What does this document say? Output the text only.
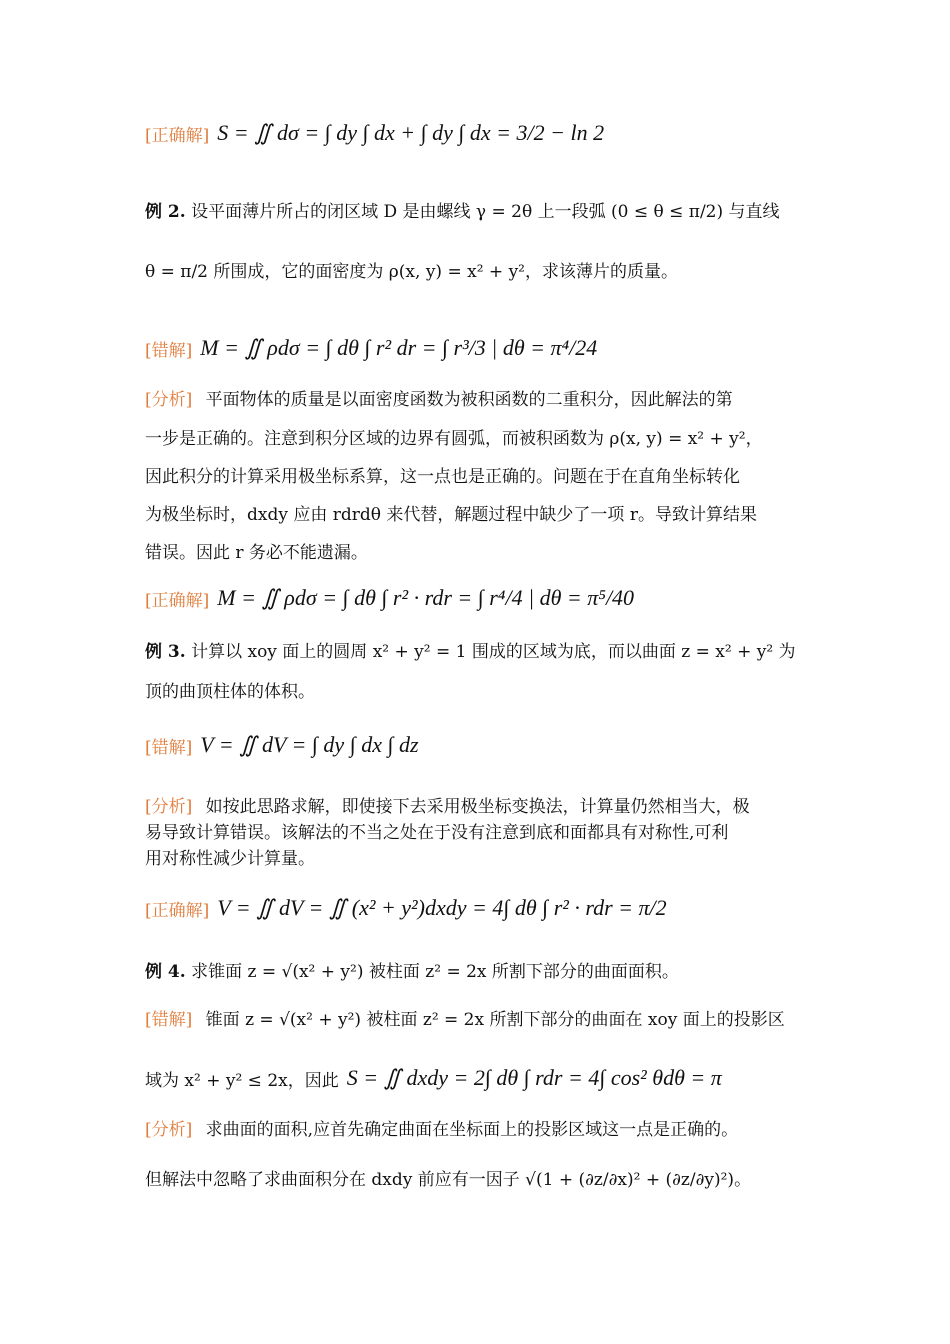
[正确解] S = ∬ dσ = ∫ dy ∫ dx + ∫ dy ∫ dx = 3/2 − ln 2
例 2. 设平面薄片所占的闭区域 D 是由螺线 γ = 2θ 上一段弧 (0 ≤ θ ≤ π/2) 与直线
θ = π/2 所围成，它的面密度为 ρ(x, y) = x² + y²，求该薄片的质量。
[错解] M = ∬ ρdσ = ∫ dθ ∫ r² dr = ∫ r³/3 | dθ = π⁴/24
[分析] 平面物体的质量是以面密度函数为被积函数的二重积分，因此解法的第
一步是正确的。注意到积分区域的边界有圆弧，而被积函数为 ρ(x, y) = x² + y²，
因此积分的计算采用极坐标系算，这一点也是正确的。问题在于在直角坐标转化
为极坐标时，dxdy 应由 rdrdθ 来代替，解题过程中缺少了一项 r。导致计算结果
错误。因此 r 务必不能遗漏。
[正确解] M = ∬ ρdσ = ∫ dθ ∫ r² · rdr = ∫ r⁴/4 | dθ = π⁵/40
例 3. 计算以 xoy 面上的圆周 x² + y² = 1 围成的区域为底，而以曲面 z = x² + y² 为
顶的曲顶柱体的体积。
[错解] V = ∬ dV = ∫ dy ∫ dx ∫ dz
[分析] 如按此思路求解，即使接下去采用极坐标变换法，计算量仍然相当大，极
易导致计算错误。该解法的不当之处在于没有注意到底和面都具有对称性,可利
用对称性减少计算量。
[正确解] V = ∬ dV = ∬ (x² + y²)dxdy = 4∫ dθ ∫ r² · rdr = π/2
例 4. 求锥面 z = √(x² + y²) 被柱面 z² = 2x 所割下部分的曲面面积。
[错解] 锥面 z = √(x² + y²) 被柱面 z² = 2x 所割下部分的曲面在 xoy 面上的投影区
域为 x² + y² ≤ 2x，因此 S = ∬ dxdy = 2∫ dθ ∫ rdr = 4∫ cos² θdθ = π
[分析] 求曲面的面积,应首先确定曲面在坐标面上的投影区域这一点是正确的。
但解法中忽略了求曲面积分在 dxdy 前应有一因子 √(1 + (∂z/∂x)² + (∂z/∂y)²)。
